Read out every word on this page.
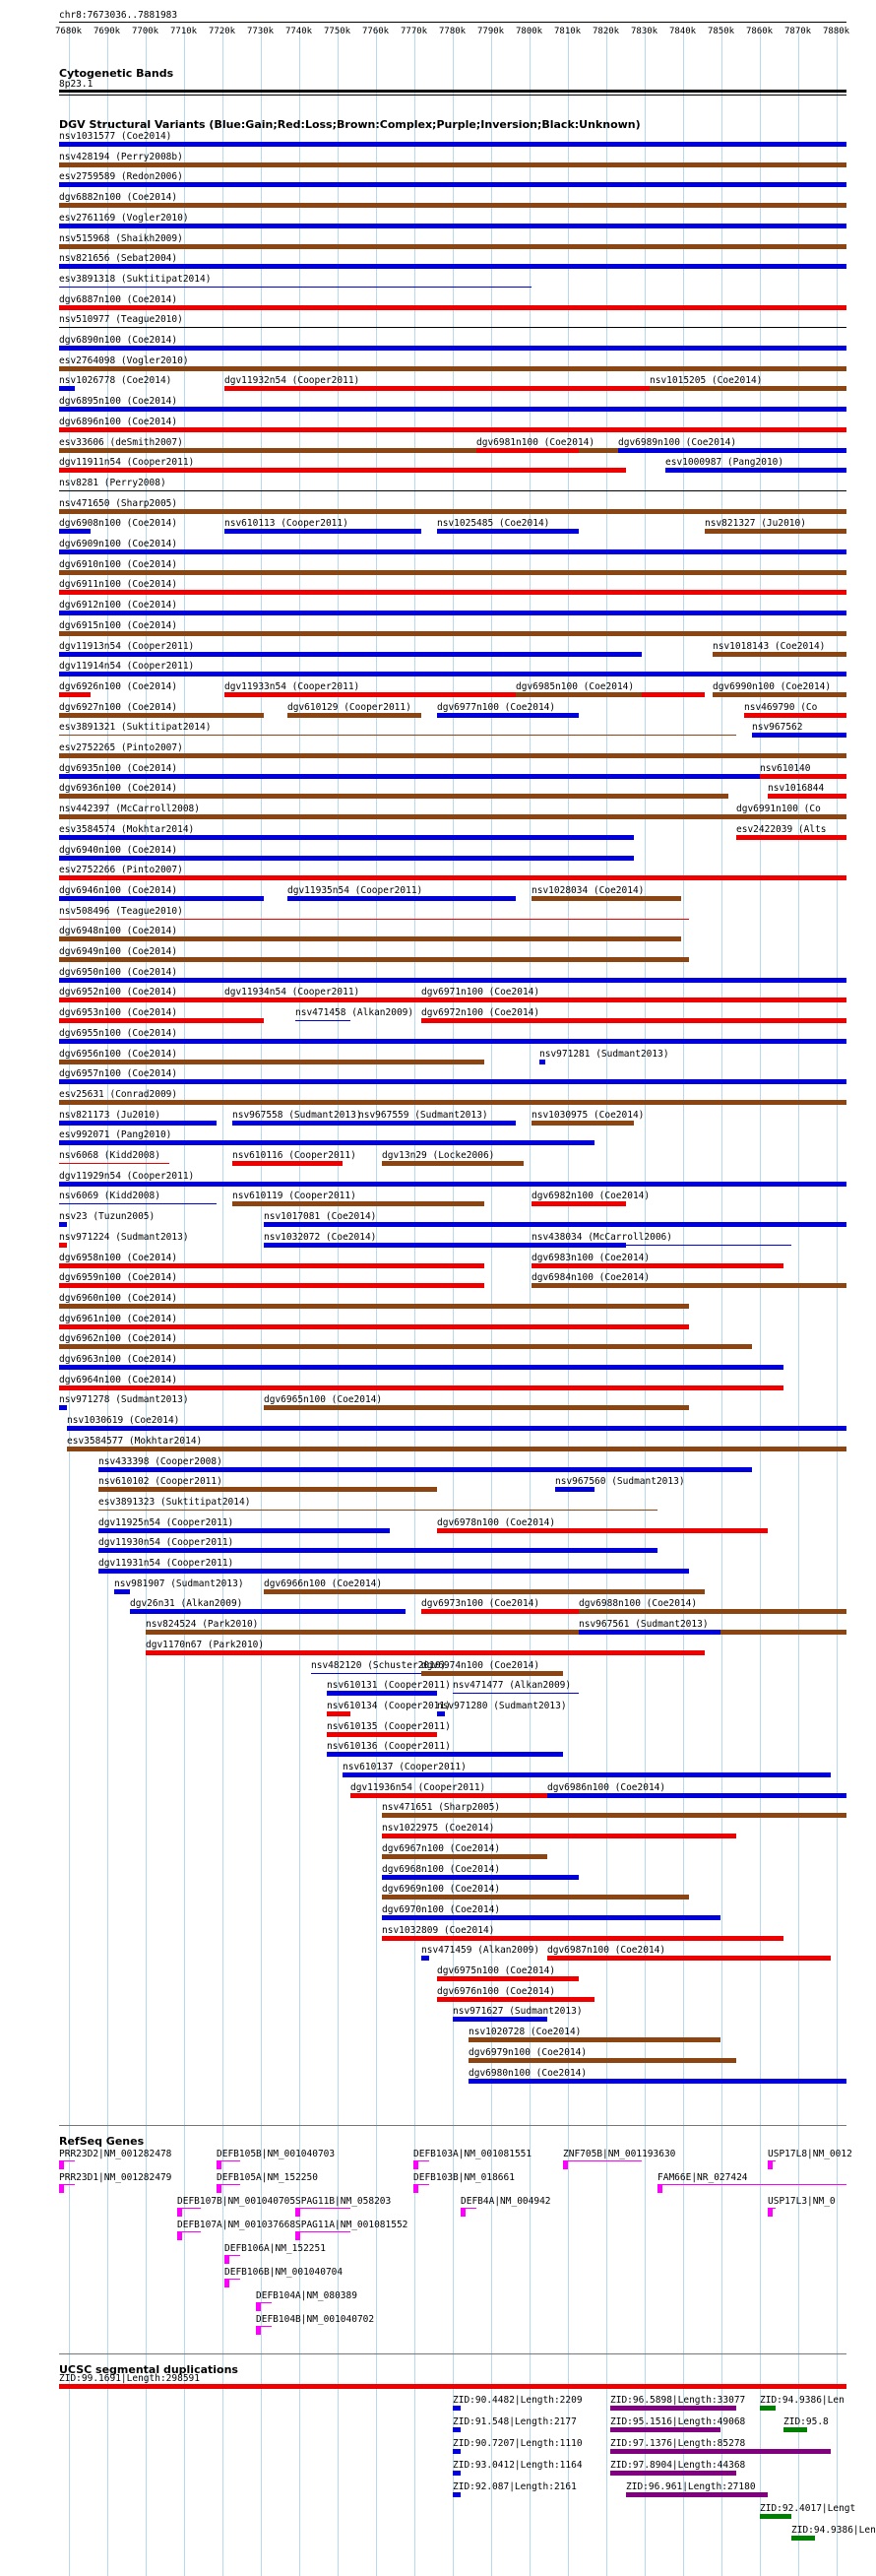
chr8:7673036..7881983
7680k 7690k 7700k 7710k 7720k 7730k 7740k 7750k 7760k 7770k 7780k 7790k 7800k 7810k 7820k 7830k 7840k 7850k 7860k 7870k 7880k
Cytogenetic Bands
8p23.1
DGV Structural Variants (Blue:Gain;Red:Loss;Brown:Complex;Purple;Inversion;Black:Unknown)
nsv1031577 (Coe2014)
nsv428194 (Perry2008b)
esv2759589 (Redon2006)
dgv6882n100 (Coe2014)
esv2761169 (Vogler2010)
nsv515968 (Shaikh2009)
nsv821656 (Sebat2004)
esv3891318 (Suktitipat2014)
dgv6887n100 (Coe2014)
nsv510977 (Teague2010)
dgv6890n100 (Coe2014)
esv2764098 (Vogler2010)
nsv1026778 (Coe2014)	dgv11932n54 (Cooper2011)	nsv1015205 (Coe2014)
dgv6895n100 (Coe2014)
dgv6896n100 (Coe2014)
esv33606 (deSmith2007)	dgv6981n100 (Coe2014)	dgv6989n100 (Coe2014)
dgv11911n54 (Cooper2011)	esv1000987 (Pang2010)
nsv8281 (Perry2008)
nsv471650 (Sharp2005)
dgv6908n100 (Coe2014)	nsv610113 (Cooper2011)	nsv1025485 (Coe2014)	nsv821327 (Ju2010)
dgv6909n100 (Coe2014)
dgv6910n100 (Coe2014)
dgv6911n100 (Coe2014)
dgv6912n100 (Coe2014)
dgv6915n100 (Coe2014)
dgv11913n54 (Cooper2011)	nsv1018143 (Coe2014)
dgv11914n54 (Cooper2011)
dgv6926n100 (Coe2014)	dgv11933n54 (Cooper2011)	dgv6985n100 (Coe2014)	dgv6990n100 (Coe2014)
dgv6927n100 (Coe2014)	dgv610129 (Cooper2011)	dgv6977n100 (Coe2014)	nsv469790 (Co
esv3891321 (Suktitipat2014)	nsv967562
esv2752265 (Pinto2007)
dgv6935n100 (Coe2014)	nsv610140
dgv6936n100 (Coe2014)	nsv1016844
nsv442397 (McCarroll2008)	dgv6991n100 (Co
esv3584574 (Mokhtar2014)	esv2422039 (Alts
dgv6940n100 (Coe2014)
esv2752266 (Pinto2007)
dgv6946n100 (Coe2014)	dgv11935n54 (Cooper2011)	nsv1028034 (Coe2014)
nsv508496 (Teague2010)
dgv6948n100 (Coe2014)
dgv6949n100 (Coe2014)
dgv6950n100 (Coe2014)
dgv6952n100 (Coe2014)	dgv11934n54 (Cooper2011)	dgv6971n100 (Coe2014)
dgv6953n100 (Coe2014)	nsv471458 (Alkan2009) dgv6972n100 (Coe2014)
dgv6955n100 (Coe2014)
dgv6956n100 (Coe2014)	nsv971281 (Sudmant2013)
dgv6957n100 (Coe2014)
esv25631 (Conrad2009)
nsv821173 (Ju2010)	nsv967558 (Sudmant2013)
nsv967559 (Sudmant2013)	nsv1030975 (Coe2014)
esv992071 (Pang2010)
nsv6068 (Kidd2008)	nsv610116 (Cooper2011)	dgv13n29 (Locke2006)
dgv11929n54 (Cooper2011)
nsv6069 (Kidd2008)	nsv610119 (Cooper2011)	dgv6982n100 (Coe2014)
nsv23 (Tuzun2005)	nsv1017081 (Coe2014)
nsv971224 (Sudmant2013)	nsv1032072 (Coe2014)	nsv438034 (McCarroll2006)
dgv6958n100 (Coe2014)	dgv6983n100 (Coe2014)
dgv6959n100 (Coe2014)	dgv6984n100 (Coe2014)
dgv6960n100 (Coe2014)
dgv6961n100 (Coe2014)
dgv6962n100 (Coe2014)
dgv6963n100 (Coe2014)
dgv6964n100 (Coe2014)
nsv971278 (Sudmant2013)	dgv6965n100 (Coe2014)
nsv1030619 (Coe2014)
esv3584577 (Mokhtar2014)
nsv433398 (Cooper2008)
nsv610102 (Cooper2011)	nsv967560 (Sudmant2013)
esv3891323 (Suktitipat2014)
dgv11925n54 (Cooper2011)	dgv6978n100 (Coe2014)
dgv11930n54 (Cooper2011)
dgv11931n54 (Cooper2011)
nsv981907 (Sudmant2013) dgv6966n100 (Coe2014)
dgv26n31 (Alkan2009)	dgv6973n100 (Coe2014)	dgv6988n100 (Coe2014)
nsv824524 (Park2010)	nsv967561 (Sudmant2013)
dgv1170n67 (Park2010)
nsv482120 (Schuster2010)
dgv6974n100 (Coe2014)
nsv610131 (Cooper2011) nsv471477 (Alkan2009)
nsv610134 (Cooper2011)
nsv971280 (Sudmant2013)
nsv610135 (Cooper2011)
nsv610136 (Cooper2011)
nsv610137 (Cooper2011)
dgv11936n54 (Cooper2011)	dgv6986n100 (Coe2014)
nsv471651 (Sharp2005)
nsv1022975 (Coe2014)
dgv6967n100 (Coe2014)
dgv6968n100 (Coe2014)
dgv6969n100 (Coe2014)
dgv6970n100 (Coe2014)
nsv1032809 (Coe2014)
nsv471459 (Alkan2009) dgv6987n100 (Coe2014)
dgv6975n100 (Coe2014)
dgv6976n100 (Coe2014)
nsv971627 (Sudmant2013)
nsv1020728 (Coe2014)
dgv6979n100 (Coe2014)
dgv6980n100 (Coe2014)
RefSeq Genes
PRR23D2|NM_001282478
PRR23D1|NM_001282479
DEFB105B|NM_001040703
DEFB105A|NM_152250
DEFB107B|NM_001040705 SPAG11B|NM_058203
DEFB107A|NM_001037668 SPAG11A|NM_001081552
DEFB106A|NM_152251
DEFB106B|NM_001040704
DEFB104A|NM_080389
DEFB104B|NM_001040702
DEFB103A|NM_001081551
DEFB103B|NM_018661
DEFB4A|NM_004942
ZNF705B|NM_001193630
FAM66E|NR_027424
USP17L8|NM_0012
USP17L3|NM_0
UCSC segmental duplications
ZID:99.1691|Length:298591
ZID:90.4482|Length:2209	ZID:96.5898|Length:33077 ZID:94.9386|Len
ZID:91.548|Length:2177	ZID:95.1516|Length:49068	ZID:95.8
ZID:90.7207|Length:1110	ZID:97.1376|Length:85278
ZID:93.0412|Length:1164	ZID:97.8904|Length:44368
ZID:92.087|Length:2161	ZID:96.961|Length:27180
ZID:92.4017|Lengt
ZID:94.9386|Len
